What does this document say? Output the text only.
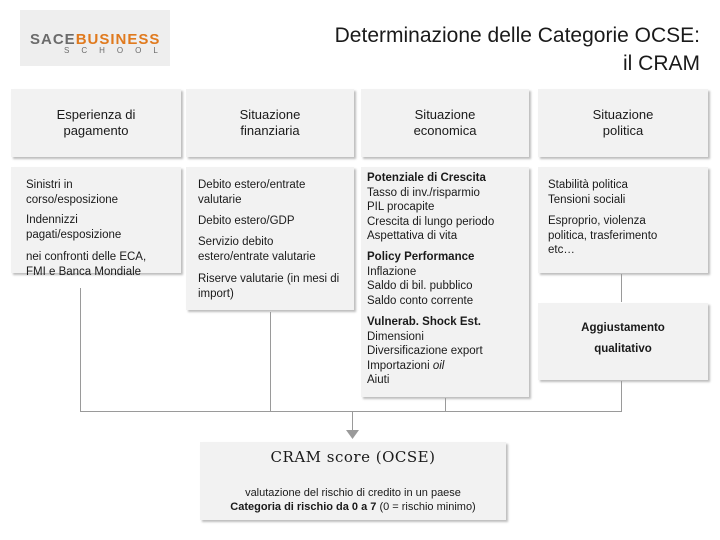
SACEBUSINESS
SCHOOL
Determinazione delle Categorie OCSE:
il CRAM
Esperienza di pagamento
Situazione finanziaria
Situazione economica
Situazione politica
Sinistri in corso/esposizione
Indennizzi pagati/esposizione
nei confronti delle ECA, FMI e Banca Mondiale
Debito estero/entrate valutarie
Debito estero/GDP
Servizio debito estero/entrate valutarie
Riserve valutarie (in mesi di import)
Potenziale di Crescita
Tasso di inv./risparmio
PIL procapite
Crescita di lungo periodo
Aspettativa di vita
Policy Performance
Inflazione
Saldo di bil. pubblico
Saldo conto corrente
Vulnerab. Shock Est.
Dimensioni
Diversificazione export
Importazioni oil
Aiuti
Stabilità politica Tensioni sociali
Esproprio, violenza politica, trasferimento etc…
Aggiustamento
qualitativo
CRAM score (OCSE)
valutazione del rischio di credito in un paese
Categoria di rischio da 0 a 7 (0 = rischio minimo)
